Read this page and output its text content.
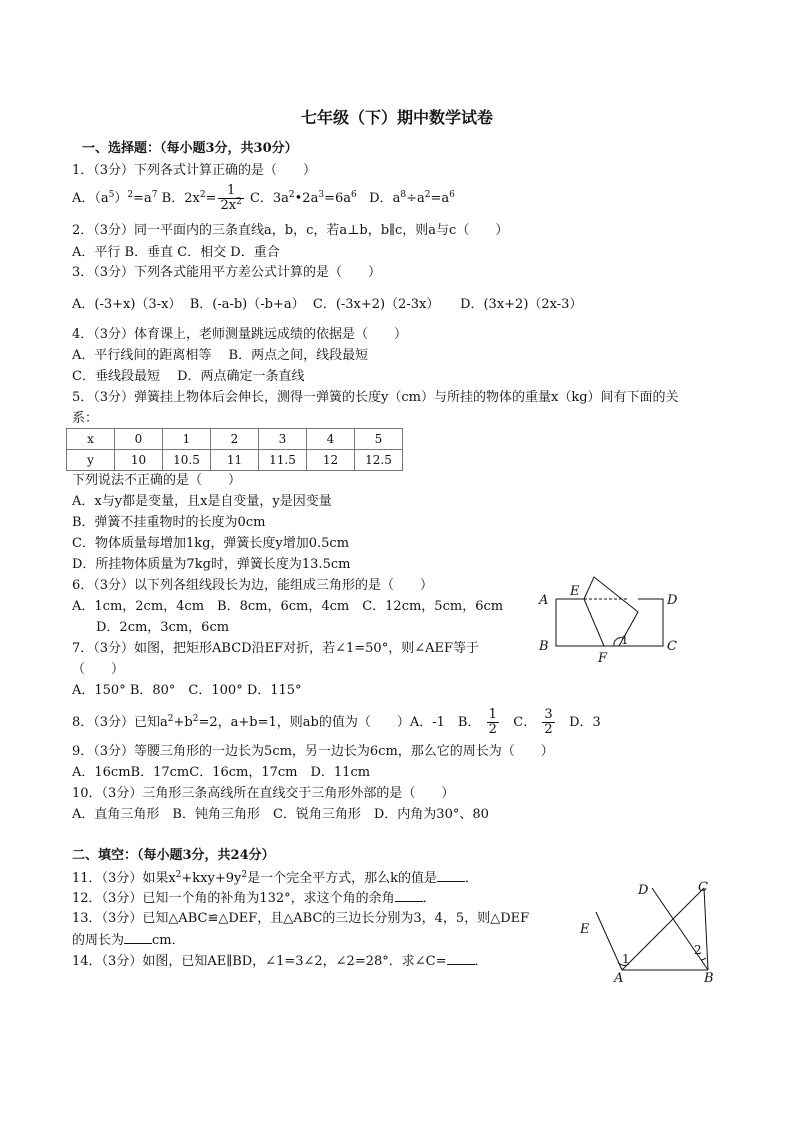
七年级（下）期中数学试卷
一、选择题：（每小题3分，共30分）
1．（3分）下列各式计算正确的是（　　）
A．$(a^5)^2=a^7$ B．$2x^2= \frac{1}{2x^2}$ C．$3a^2•2a^3=6a^6$ D．$a^8\div a^2=a^6$
2．（3分）同一平面内的三条直线a，b，c，若a⊥b，b∥c，则a与c（　　）
A．平行 B．垂直 C．相交 D．重合
3．（3分）下列各式能用平方差公式计算的是（　　）
A．(-3+x)（3-x） B．(-a-b)（-b+a） C．(-3x+2)（2-3x） D．(3x+2)（2x-3）
4．（3分）体育课上，老师测量跳远成绩的依据是（　　）
A．平行线间的距离相等　 B．两点之间，线段最短
C．垂线段最短　 D．两点确定一条直线
5．（3分）弹簧挂上物体后会伸长，测得一弹簧的长度y（cm）与所挂的物体的重量x（kg）间有下面的关
系：
x	0	1	2	3	4	5
y	10	10.5	11	11.5	12	12.5
下列说法不正确的是（　　）
A．x与y都是变量，且x是自变量，y是因变量
B．弹簧不挂重物时的长度为0cm
C．物体质量每增加1kg，弹簧长度y增加0.5cm
D．所挂物体质量为7kg时，弹簧长度为13.5cm
6．（3分）以下列各组线段长为边，能组成三角形的是（　　）
A．1cm，2cm，4cm　B．8cm，6cm，4cm　C．12cm，5cm，6cm
D．2cm，3cm，6cm
7．（3分）如图，把矩形ABCD沿EF对折，若∠1=50°，则∠AEF等于
（　　）
A．150° B．80°　C．100° D．115°
8．（3分）已知$a^2+b^2=2$，a+b=1，则ab的值为（　　）A．-1　B． $\frac{1}{2}$ C． $\frac{3}{2}$ D．3
9．（3分）等腰三角形的一边长为5cm，另一边长为6cm，那么它的周长为（　　）
A．16cmB．17cmC．16cm，17cm　D．11cm
10．（3分）三角形三条高线所在直线交于三角形外部的是（　　）
A．直角三角形　B．钝角三角形　C．锐角三角形　D．内角为30°、80
二、填空：（每小题3分，共24分）
11．（3分）如果$x^2+kxy+9y^2$是一个完全平方式，那么k的值是 ．
12．（3分）已知一个角的补角为132°，求这个角的余角 ．
13．（3分）已知△ABC≌△DEF，且△ABC的三边长分别为3，4，5，则△DEF
的周长为 cm．
14．（3分）如图，已知AE∥BD，∠1=3∠2，∠2=28°．求∠C= ．
A
E
D
B
F
C
1
D	C
E
A	B
1
2
